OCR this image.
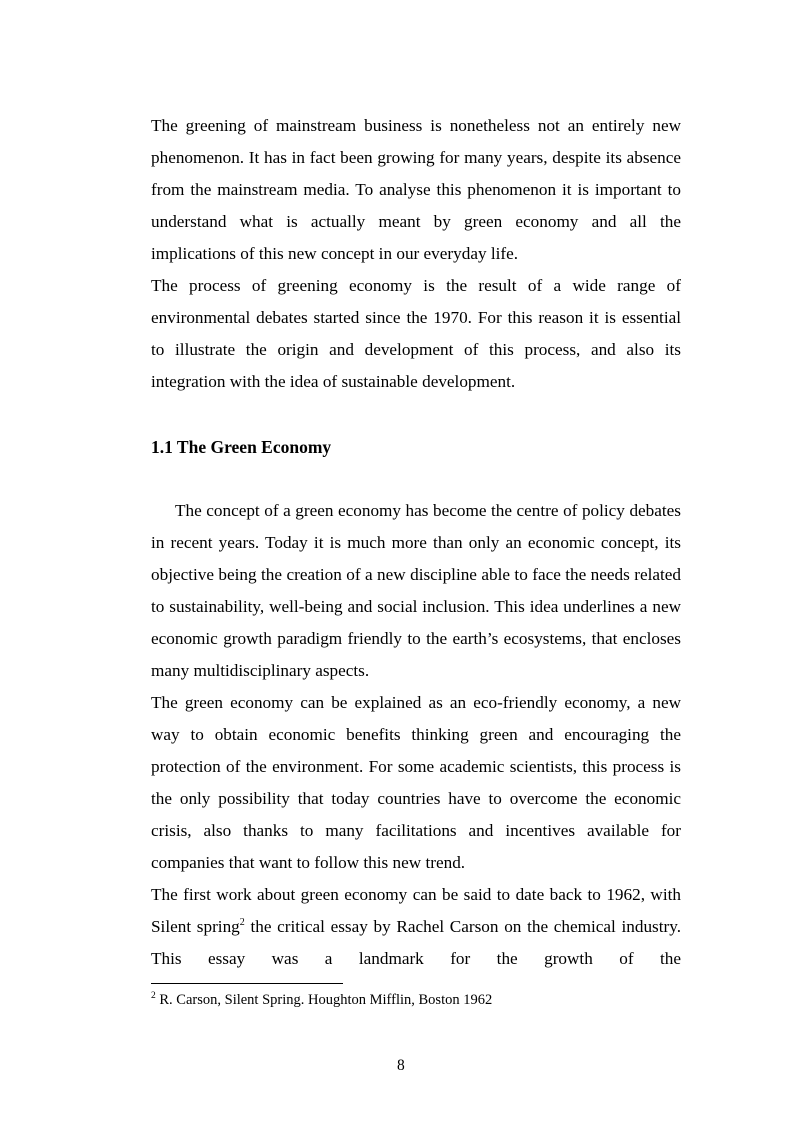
The greening of mainstream business is nonetheless not an entirely new phenomenon. It has in fact been growing for many years, despite its absence from the mainstream media. To analyse this phenomenon it is important to understand what is actually meant by green economy and all the implications of this new concept in our everyday life.

The process of greening economy is the result of a wide range of environmental debates started since the 1970. For this reason it is essential to illustrate the origin and development of this process, and also its integration with the idea of sustainable development.

1.1 The Green Economy

The concept of a green economy has become the centre of policy debates in recent years. Today it is much more than only an economic concept, its objective being the creation of a new discipline able to face the needs related to sustainability, well-being and social inclusion. This idea underlines a new economic growth paradigm friendly to the earth’s ecosystems, that encloses many multidisciplinary aspects.

The green economy can be explained as an eco-friendly economy, a new way to obtain economic benefits thinking green and encouraging the protection of the environment. For some academic scientists, this process is the only possibility that today countries have to overcome the economic crisis, also thanks to many facilitations and incentives available for companies that want to follow this new trend.

The first work about green economy can be said to date back to 1962, with Silent spring$^2$ the critical essay by Rachel Carson on the chemical industry. This essay was a landmark for the growth of the

$^2$ R. Carson, Silent Spring. Houghton Mifflin, Boston 1962
8
